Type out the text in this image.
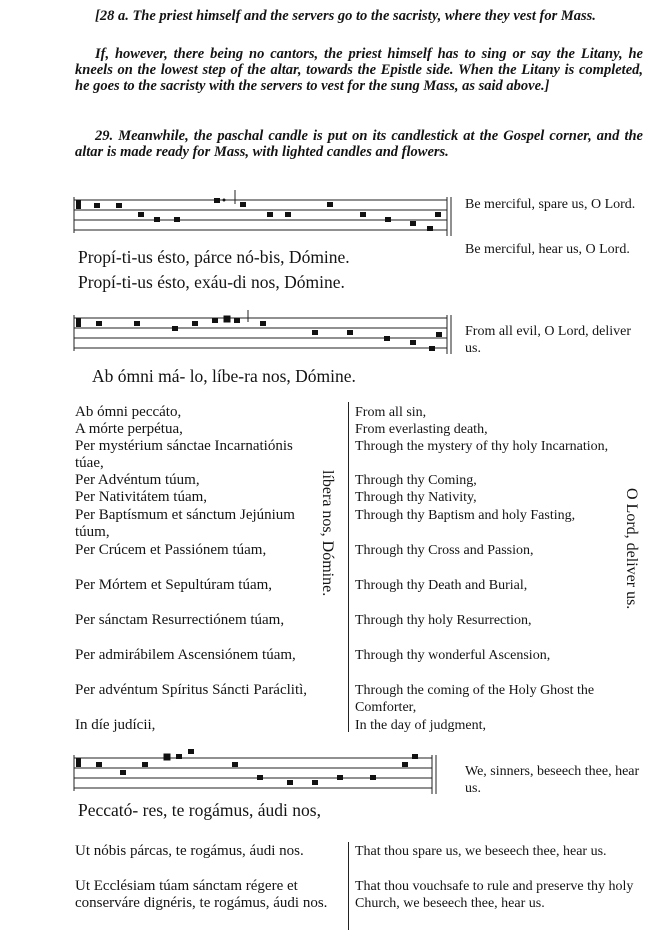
[28 a. The priest himself and the servers go to the sacristy, where they vest for Mass.
If, however, there being no cantors, the priest himself has to sing or say the Litany, he kneels on the lowest step of the altar, towards the Epistle side. When the Litany is completed, he goes to the sacristy with the servers to vest for the sung Mass, as said above.]
29. Meanwhile, the paschal candle is put on its candlestick at the Gospel corner, and the altar is made ready for Mass, with lighted candles and flowers.
Propí-ti-us ésto, párce nó-bis, Dómine.
Propí-ti-us ésto, exáu-di nos, Dómine.
Be merciful, spare us, O Lord.
Be merciful, hear us, O Lord.
Ab ómni má- lo, líbe-ra nos, Dómine.
From all evil, O Lord, deliver us.
Ab ómni peccáto,
A mórte perpétua,
Per mystérium sánctae Incarnatiónis túae,
Per Advéntum túum,
Per Nativitátem túam,
Per Baptísmum et sánctum Jejúnium túum,
Per Crúcem et Passiónem túam,
Per Mórtem et Sepultúram túam,
Per sánctam Resurrectiónem túam,
Per admirábilem Ascensiónem túam,
Per advéntum Spíritus Sáncti Paráclitì,
In díe judícii,
líbera nos, Dómine.
From all sin,
From everlasting death,
Through the mystery of thy holy Incarnation,
Through thy Coming,
Through thy Nativity,
Through thy Baptism and holy Fasting,
Through thy Cross and Passion,
Through thy Death and Burial,
Through thy holy Resurrection,
Through thy wonderful Ascension,
Through the coming of the Holy Ghost the Comforter,
In the day of judgment,
O Lord, deliver us.
Peccató- res, te rogámus, áudi nos,
We, sinners, beseech thee, hear us.
Ut nóbis párcas, te rogámus, áudi nos.
Ut Ecclésiam túam sánctam régere et conserváre dignéris, te rogámus, áudi nos.
That thou spare us, we beseech thee, hear us.
That thou vouchsafe to rule and preserve thy holy Church, we beseech thee, hear us.
